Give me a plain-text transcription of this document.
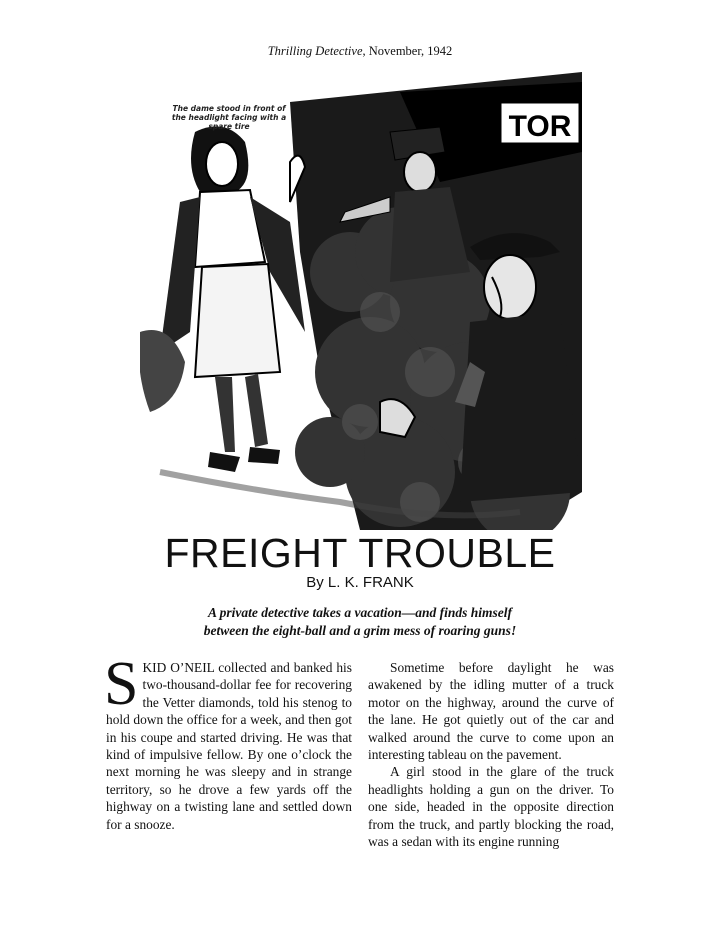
Thrilling Detective, November, 1942
TOR
The dame stood in front of the headlight facing with a spare tire
FREIGHT TROUBLE
By L. K. FRANK
A private detective takes a vacation—and finds himself
between the eight-ball and a grim mess of roaring guns!

SKID O’NEIL collected and banked his two-thousand-dollar fee for recovering the Vetter diamonds, told his stenog to hold down the office for a week, and then got in his coupe and started driving. He was that kind of impulsive fellow. By one o’clock the next morning he was sleepy and in strange territory, so he drove a few yards off the highway on a twisting lane and settled down for a snooze.

Sometime before daylight he was awakened by the idling mutter of a truck motor on the highway, around the curve of the lane. He got quietly out of the car and walked around the curve to come upon an interesting tableau on the pavement.

A girl stood in the glare of the truck headlights holding a gun on the driver. To one side, headed in the opposite direction from the truck, and partly blocking the road, was a sedan with its engine running
